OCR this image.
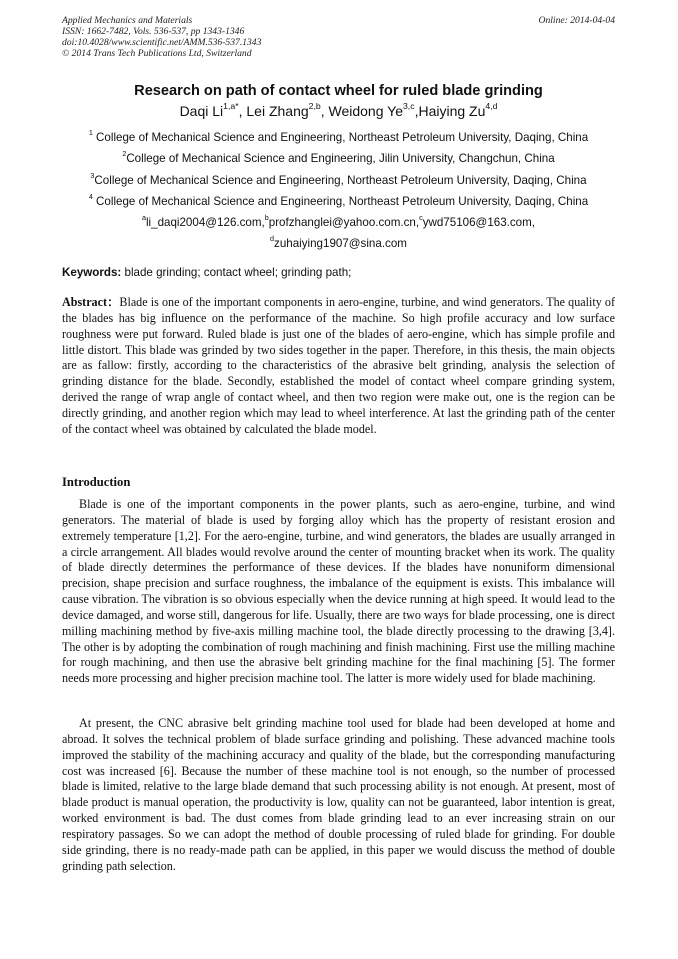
Applied Mechanics and Materials
ISSN: 1662-7482, Vols. 536-537, pp 1343-1346
doi:10.4028/www.scientific.net/AMM.536-537.1343
© 2014 Trans Tech Publications Ltd, Switzerland
Online: 2014-04-04
Research on path of contact wheel for ruled blade grinding
Daqi $Li^{1,a*}$, Lei Zhang$^{2,b}$, Weidong Ye$^{3,c}$,Haiying Zu$^{4,d}$
$^1$ College of Mechanical Science and Engineering, Northeast Petroleum University, Daqing, China
$^2$College of Mechanical Science and Engineering, Jilin University, Changchun, China
$^3$College of Mechanical Science and Engineering, Northeast Petroleum University, Daqing, China
$^4$ College of Mechanical Science and Engineering, Northeast Petroleum University, Daqing, China
$^a$li_daqi2004@126.com,$^b$profzhanglei@yahoo.com.cn,$^c$ywd75106@163.com,
$^d$zuhaiying1907@sina.com
Keywords: blade grinding; contact wheel; grinding path;
Abstract：Blade is one of the important components in aero-engine, turbine, and wind generators. The quality of the blades has big influence on the performance of the machine. So high profile accuracy and low surface roughness were put forward. Ruled blade is just one of the blades of aero-engine, which has simple profile and little distort. This blade was grinded by two sides together in the paper. Therefore, in this thesis, the main objects are as fallow: firstly, according to the characteristics of the abrasive belt grinding, analysis the selection of grinding distance for the blade. Secondly, established the model of contact wheel compare grinding system, derived the range of wrap angle of contact wheel, and then two region were make out, one is the region can be directly grinding, and another region which may lead to wheel interference. At last the grinding path of the center of the contact wheel was obtained by calculated the blade model.
Introduction
Blade is one of the important components in the power plants, such as aero-engine, turbine, and wind generators. The material of blade is used by forging alloy which has the property of resistant erosion and extremely temperature [1,2]. For the aero-engine, turbine, and wind generators, the blades are usually arranged in a circle arrangement. All blades would revolve around the center of mounting bracket when its work. The quality of blade directly determines the performance of these devices. If the blades have nonuniform dimensional precision, shape precision and surface roughness, the imbalance of the equipment is exists. This imbalance will cause vibration. The vibration is so obvious especially when the device running at high speed. It would lead to the device damaged, and worse still, dangerous for life. Usually, there are two ways for blade processing, one is direct milling machining method by five-axis milling machine tool, the blade directly processing to the drawing [3,4]. The other is by adopting the combination of rough machining and finish machining. First use the milling machine for rough machining, and then use the abrasive belt grinding machine for the final machining [5]. The former needs more processing and higher precision machine tool. The latter is more widely used for blade machining.
At present, the CNC abrasive belt grinding machine tool used for blade had been developed at home and abroad. It solves the technical problem of blade surface grinding and polishing. These advanced machine tools improved the stability of the machining accuracy and quality of the blade, but the corresponding manufacturing cost was increased [6]. Because the number of these machine tool is not enough, so the number of processed blade is limited, relative to the large blade demand that such processing ability is not enough. At present, most of blade product is manual operation, the productivity is low, quality can not be guaranteed, labor intention is great, worked environment is bad. The dust comes from blade grinding lead to an ever increasing strain on our respiratory passages. So we can adopt the method of double processing of ruled blade for grinding. For double side grinding, there is no ready-made path can be applied, in this paper we would discuss the method of double grinding path selection.
